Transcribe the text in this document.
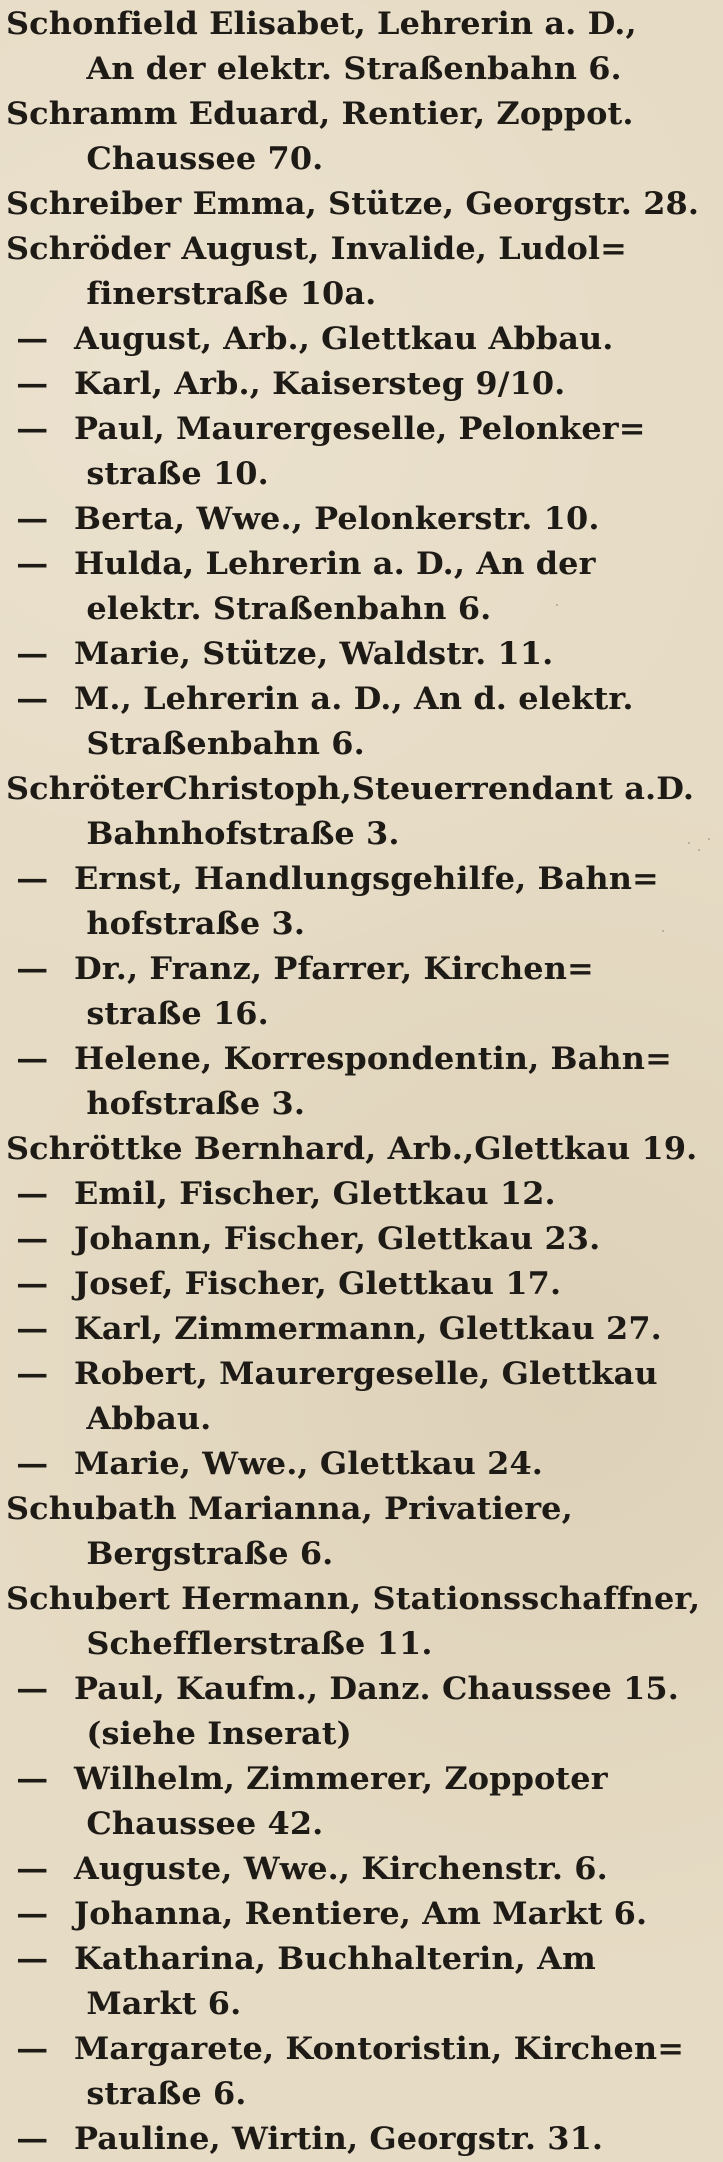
Schonfield Elisabet, Lehrerin a. D.,
An der elektr. Straßenbahn 6.
Schramm Eduard, Rentier, Zoppot.
Chaussee 70.
Schreiber Emma, Stütze, Georgstr. 28.
Schröder August, Invalide, Ludol=
finerstraße 10a.
—August, Arb., Glettkau Abbau.
—Karl, Arb., Kaisersteg 9/10.
—Paul, Maurergeselle, Pelonker=
straße 10.
—Berta, Wwe., Pelonkerstr. 10.
—Hulda, Lehrerin a. D., An der
elektr. Straßenbahn 6.
—Marie, Stütze, Waldstr. 11.
—M., Lehrerin a. D., An d. elektr.
Straßenbahn 6.
SchröterChristoph,Steuerrendant a.D.
Bahnhofstraße 3.
—Ernst, Handlungsgehilfe, Bahn=
hofstraße 3.
—Dr., Franz, Pfarrer, Kirchen=
straße 16.
—Helene, Korrespondentin, Bahn=
hofstraße 3.
Schröttke Bernhard, Arb.,Glettkau 19.
—Emil, Fischer, Glettkau 12.
—Johann, Fischer, Glettkau 23.
—Josef, Fischer, Glettkau 17.
—Karl, Zimmermann, Glettkau 27.
—Robert, Maurergeselle, Glettkau
Abbau.
—Marie, Wwe., Glettkau 24.
Schubath Marianna, Privatiere,
Bergstraße 6.
Schubert Hermann, Stationsschaffner,
Schefflerstraße 11.
—Paul, Kaufm., Danz. Chaussee 15.
(siehe Inserat)
—Wilhelm, Zimmerer, Zoppoter
Chaussee 42.
—Auguste, Wwe., Kirchenstr. 6.
—Johanna, Rentiere, Am Markt 6.
—Katharina, Buchhalterin, Am
Markt 6.
—Margarete, Kontoristin, Kirchen=
straße 6.
—Pauline, Wirtin, Georgstr. 31.
